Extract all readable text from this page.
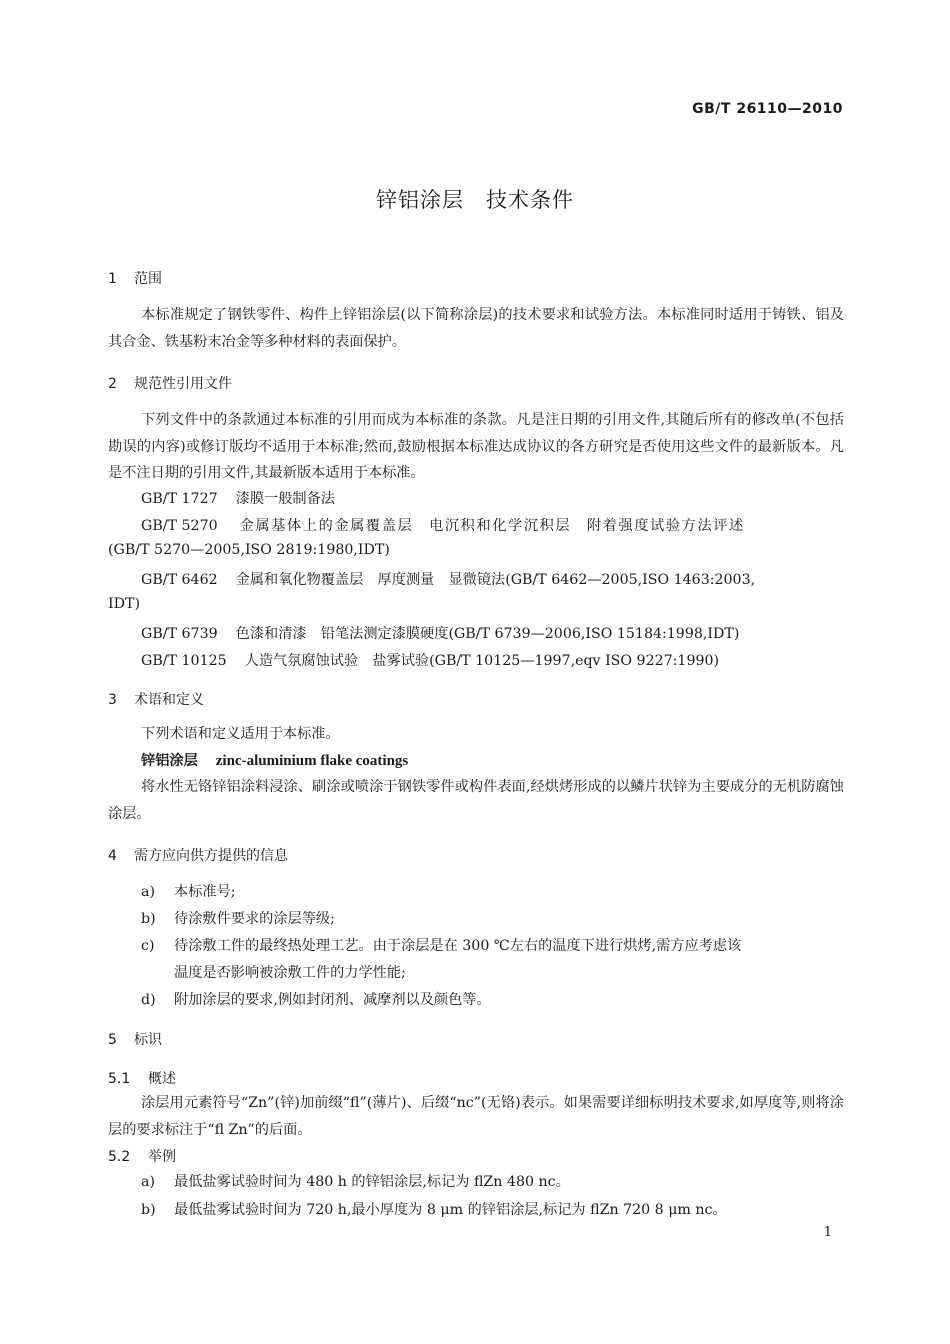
GB/T 26110—2010
锌铝涂层　技术条件
1 范围
本标准规定了钢铁零件、构件上锌铝涂层(以下简称涂层)的技术要求和试验方法。本标准同时适用于铸铁、铝及其合金、铁基粉末冶金等多种材料的表面保护。
2 规范性引用文件
下列文件中的条款通过本标准的引用而成为本标准的条款。凡是注日期的引用文件,其随后所有的修改单(不包括勘误的内容)或修订版均不适用于本标准;然而,鼓励根据本标准达成协议的各方研究是否使用这些文件的最新版本。凡是不注日期的引用文件,其最新版本适用于本标准。
GB/T 1727 漆膜一般制备法
GB/T 5270 金属基体上的金属覆盖层　电沉积和化学沉积层　附着强度试验方法评述
(GB/T 5270—2005,ISO 2819:1980,IDT)
GB/T 6462 金属和氧化物覆盖层　厚度测量　显微镜法(GB/T 6462—2005,ISO 1463:2003,
IDT)
GB/T 6739 色漆和清漆　铅笔法测定漆膜硬度(GB/T 6739—2006,ISO 15184:1998,IDT)
GB/T 10125 人造气氛腐蚀试验　盐雾试验(GB/T 10125—1997,eqv ISO 9227:1990)
3 术语和定义
下列术语和定义适用于本标准。
锌铝涂层 zinc-aluminium flake coatings
将水性无铬锌铝涂料浸涂、刷涂或喷涂于钢铁零件或构件表面,经烘烤形成的以鳞片状锌为主要成分的无机防腐蚀涂层。
4 需方应向供方提供的信息
a) 本标准号;
b) 待涂敷件要求的涂层等级;
c) 待涂敷工件的最终热处理工艺。由于涂层是在 300 ℃左右的温度下进行烘烤,需方应考虑该
温度是否影响被涂敷工件的力学性能;
d) 附加涂层的要求,例如封闭剂、减摩剂以及颜色等。
5 标识
5.1 概述
涂层用元素符号“Zn”(锌)加前缀“fl”(薄片)、后缀“nc”(无铬)表示。如果需要详细标明技术要求,如厚度等,则将涂层的要求标注于“fl Zn”的后面。
5.2 举例
a) 最低盐雾试验时间为 480 h 的锌铝涂层,标记为 flZn 480 nc。
b) 最低盐雾试验时间为 720 h,最小厚度为 8 μm 的锌铝涂层,标记为 flZn 720 8 μm nc。
1
